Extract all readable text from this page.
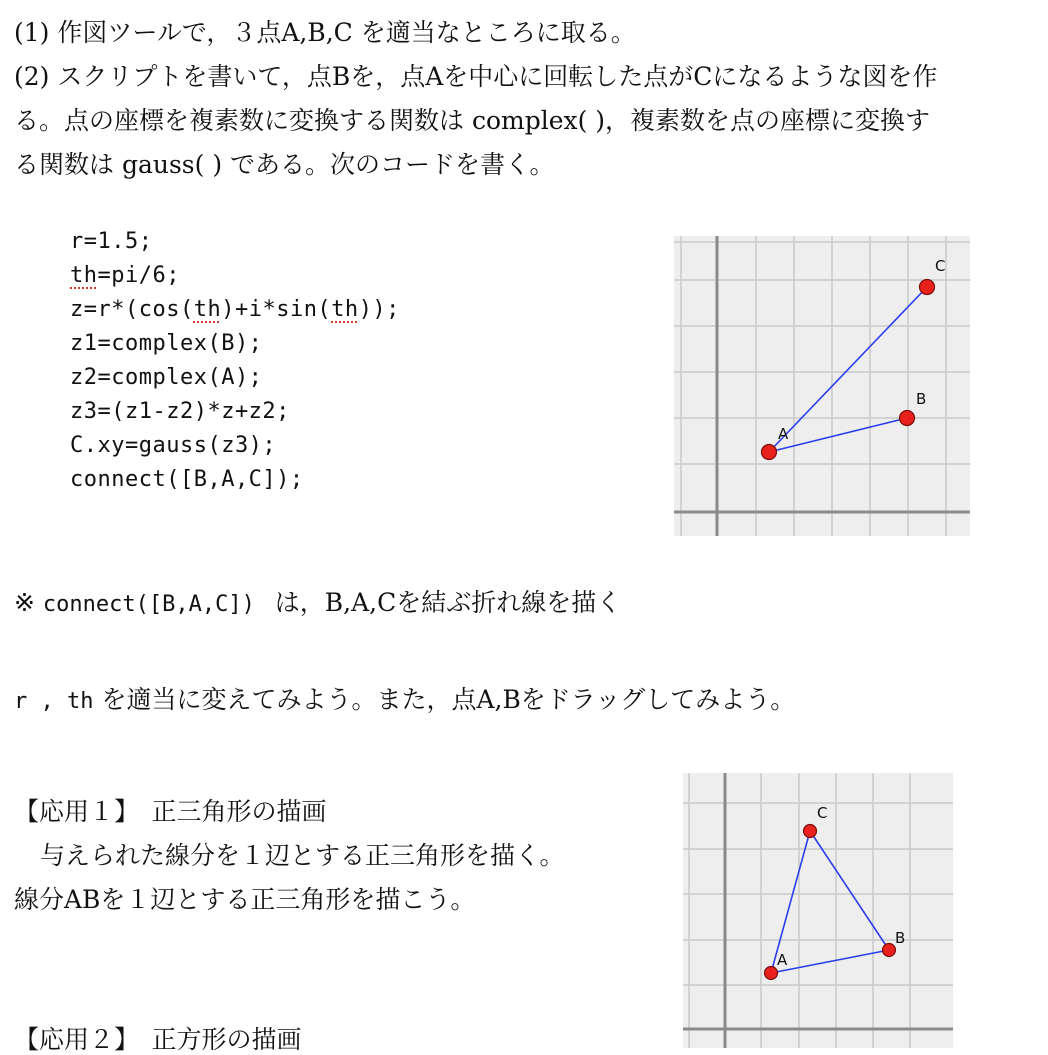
(1) 作図ツールで，３点A,B,C を適当なところに取る。
(2) スクリプトを書いて，点Bを，点Aを中心に回転した点がCになるような図を作
る。点の座標を複素数に変換する関数は complex( )，複素数を点の座標に変換す
る関数は gauss( ) である。次のコードを書く。
r=1.5;
th=pi/6;
z=r*(cos(th)+i*sin(th));
z1=complex(B);
z2=complex(A);
z3=(z1-z2)*z+z2;
C.xy=gauss(z3);
connect([B,A,C]);
A
B
C
※ connect([B,A,C]) は，B,A,Cを結ぶ折れ線を描く
r , th を適当に変えてみよう。また，点A,Bをドラッグしてみよう。
【応用１】　正三角形の描画
与えられた線分を１辺とする正三角形を描く。
線分ABを１辺とする正三角形を描こう。
【応用２】　正方形の描画
A
B
C
